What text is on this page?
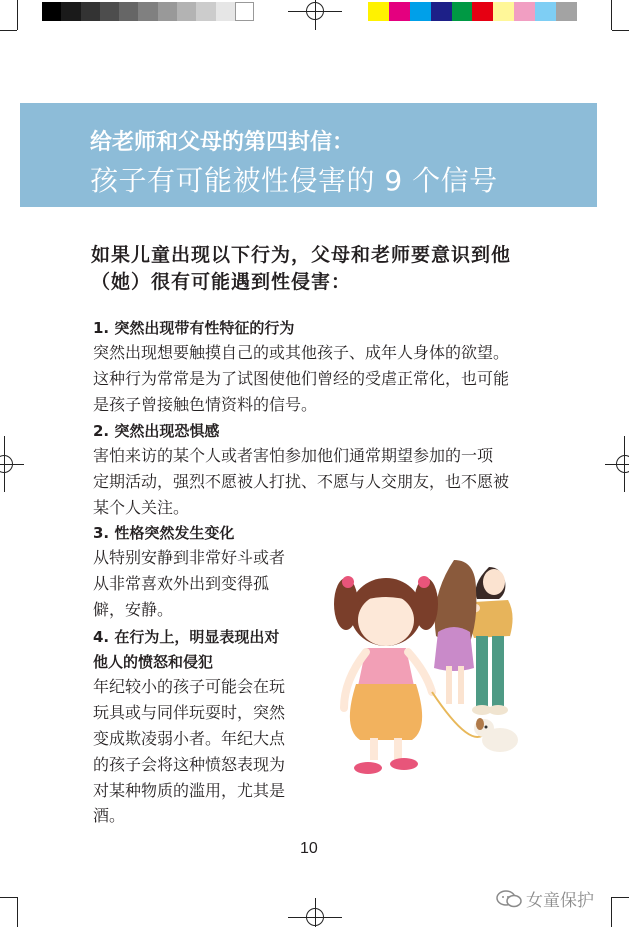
给老师和父母的第四封信：
孩子有可能被性侵害的 9 个信号
如果儿童出现以下行为，父母和老师要意识到他（她）很有可能遇到性侵害：
1. 突然出现带有性特征的行为
突然出现想要触摸自己的或其他孩子、成年人身体的欲望。
这种行为常常是为了试图使他们曾经的受虐正常化，也可能
是孩子曾接触色情资料的信号。
2. 突然出现恐惧感
害怕来访的某个人或者害怕参加他们通常期望参加的一项
定期活动，强烈不愿被人打扰、不愿与人交朋友，也不愿被
某个人关注。
3. 性格突然发生变化
从特别安静到非常好斗或者
从非常喜欢外出到变得孤
僻，安静。
4. 在行为上，明显表现出对
他人的愤怒和侵犯
年纪较小的孩子可能会在玩
玩具或与同伴玩耍时，突然
变成欺凌弱小者。年纪大点
的孩子会将这种愤怒表现为
对某种物质的滥用，尤其是
酒。
10
女童保护
